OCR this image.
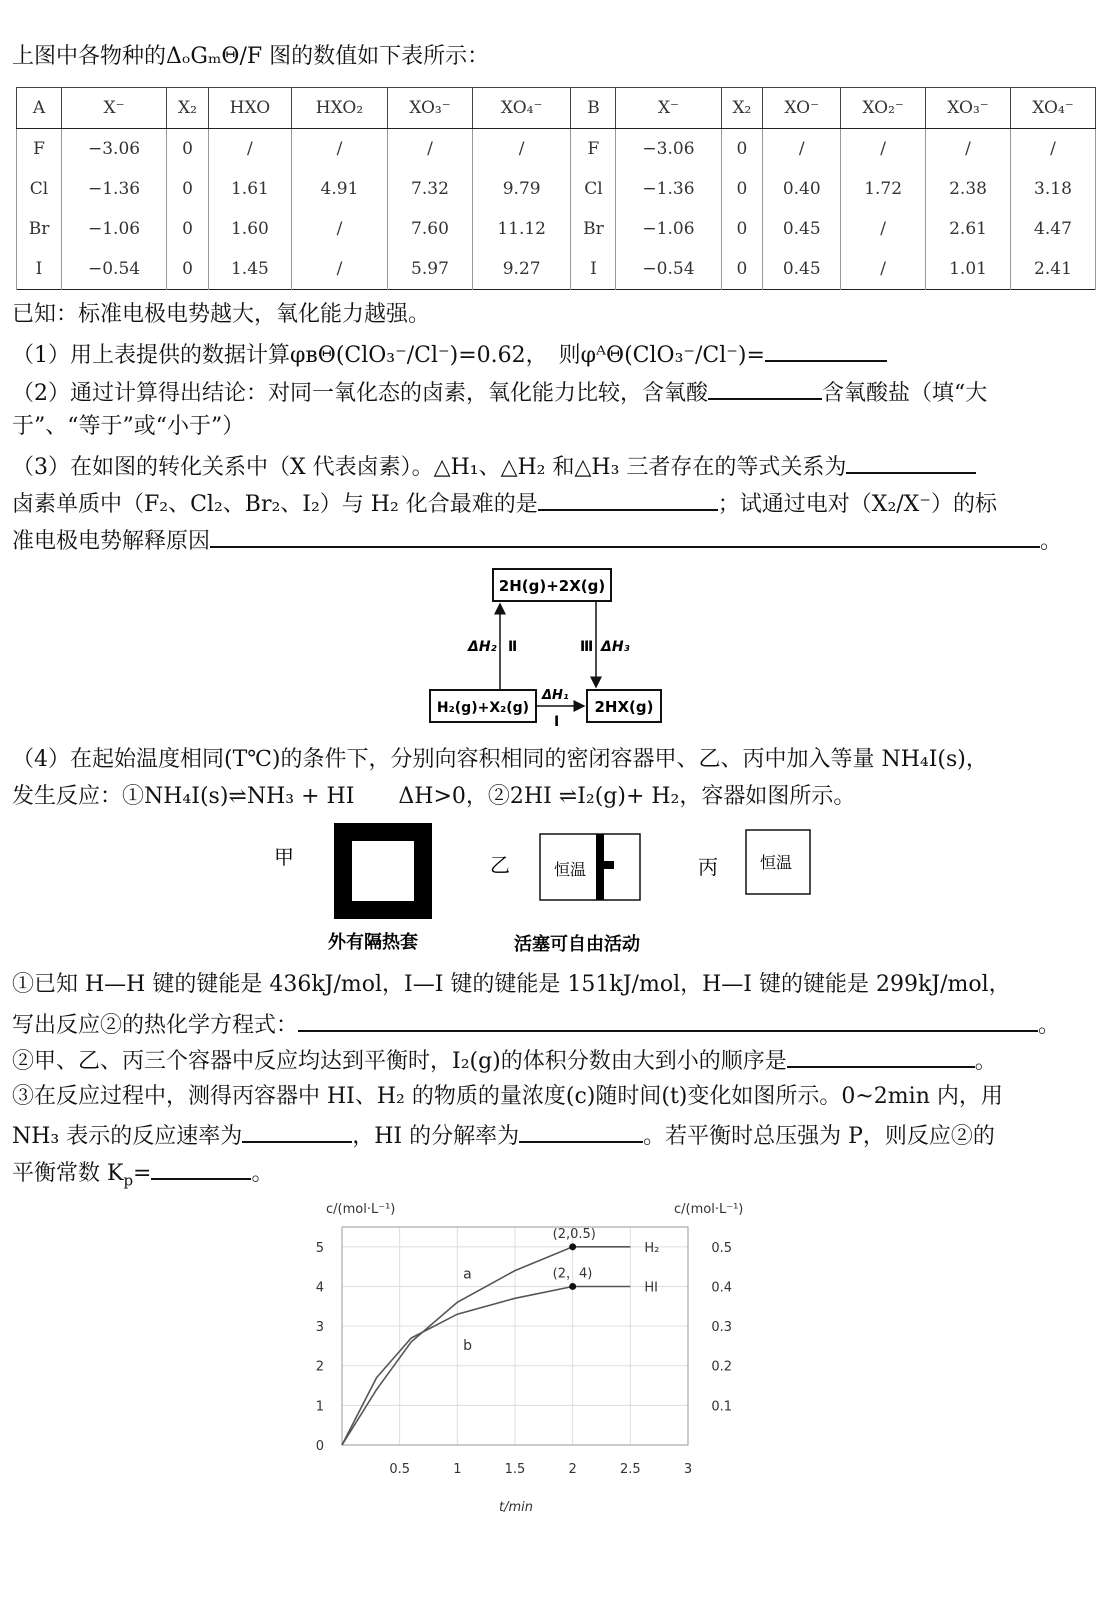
上图中各物种的ΔₒGₘΘ/F 图的数值如下表所示：
A	X⁻	X₂	HXO	HXO₂	XO₃⁻	XO₄⁻	B	X⁻	X₂	XO⁻	XO₂⁻	XO₃⁻	XO₄⁻
F	−3.06	0	/	/	/	/	F	−3.06	0	/	/	/	/
Cl	−1.36	0	1.61	4.91	7.32	9.79	Cl	−1.36	0	0.40	1.72	2.38	3.18
Br	−1.06	0	1.60	/	7.60	11.12	Br	−1.06	0	0.45	/	2.61	4.47
I	−0.54	0	1.45	/	5.97	9.27	I	−0.54	0	0.45	/	1.01	2.41
已知：标准电极电势越大，氧化能力越强。
（1）用上表提供的数据计算φʙΘ(ClO₃⁻/Cl⁻)=0.62，　则φᴬΘ(ClO₃⁻/Cl⁻)=
（2）通过计算得出结论：对同一氧化态的卤素，氧化能力比较，含氧酸	含氧酸盐（填“大
于”、“等于”或“小于”）
（3）在如图的转化关系中（X 代表卤素）。△H₁、△H₂ 和△H₃ 三者存在的等式关系为
卤素单质中（F₂、Cl₂、Br₂、I₂）与 H₂ 化合最难的是	；试通过电对（X₂/X⁻）的标
准电极电势解释原因	。
2H(g)+2X(g)
H₂(g)+X₂(g)	2HX(g)
ΔH₂ Ⅱ	Ⅲ ΔH₃
ΔH₁
Ⅰ
（4）在起始温度相同(T℃)的条件下，分别向容积相同的密闭容器甲、乙、丙中加入等量 NH₄I(s)，
发生反应：①NH₄I(s)⇌NH₃ + HI　　ΔH>0，②2HI ⇌I₂(g)+ H₂，容器如图所示。
甲	乙	恒温	丙	恒温
外有隔热套	活塞可自由活动
①已知 H—H 键的键能是 436kJ/mol，I—I 键的键能是 151kJ/mol，H—I 键的键能是 299kJ/mol，
写出反应②的热化学方程式：	。
②甲、乙、丙三个容器中反应均达到平衡时，I₂(g)的体积分数由大到小的顺序是	。
③在反应过程中，测得丙容器中 HI、H₂ 的物质的量浓度(c)随时间(t)变化如图所示。0~2min 内，用
NH₃ 表示的反应速率为	，HI 的分解率为	。若平衡时总压强为 P，则反应②的
平衡常数 $K_p=$	。
0
1
2
3
4
5
0.1
0.2
0.3
0.4
0.5
0.5	1	1.5	2	2.5	3
c/(mol·L⁻¹)	c/(mol·L⁻¹)
t/min
(2,0.5)
H₂
a	(2，4)
HI
b
